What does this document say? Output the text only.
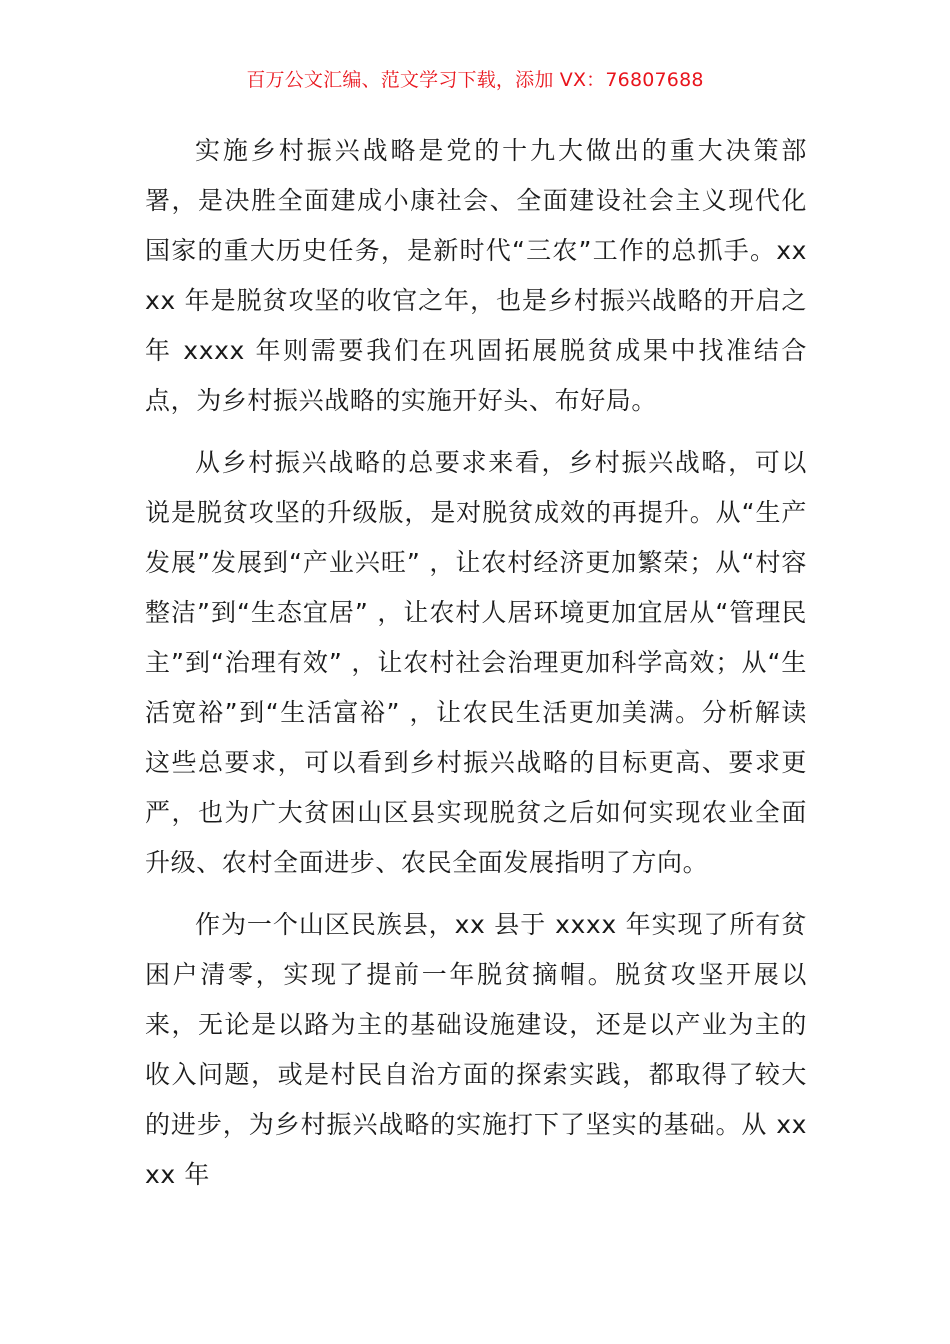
百万公文汇编、范文学习下载，添加 VX：76807688

实施乡村振兴战略是党的十九大做出的重大决策部署，是决胜全面建成小康社会、全面建设社会主义现代化国家的重大历史任务，是新时代“三农”工作的总抓手。xxxx 年是脱贫攻坚的收官之年，也是乡村振兴战略的开启之年 xxxx 年则需要我们在巩固拓展脱贫成果中找准结合点，为乡村振兴战略的实施开好头、布好局。

从乡村振兴战略的总要求来看，乡村振兴战略，可以说是脱贫攻坚的升级版，是对脱贫成效的再提升。从“生产发展”发展到“产业兴旺” ，让农村经济更加繁荣；从“村容整洁”到“生态宜居” ，让农村人居环境更加宜居从“管理民主”到“治理有效” ，让农村社会治理更加科学高效；从“生活宽裕”到“生活富裕” ，让农民生活更加美满。分析解读这些总要求，可以看到乡村振兴战略的目标更高、要求更严，也为广大贫困山区县实现脱贫之后如何实现农业全面升级、农村全面进步、农民全面发展指明了方向。

作为一个山区民族县，xx 县于 xxxx 年实现了所有贫困户清零，实现了提前一年脱贫摘帽。脱贫攻坚开展以来，无论是以路为主的基础设施建设，还是以产业为主的收入问题，或是村民自治方面的探索实践，都取得了较大的进步，为乡村振兴战略的实施打下了坚实的基础。从 xxxx 年
